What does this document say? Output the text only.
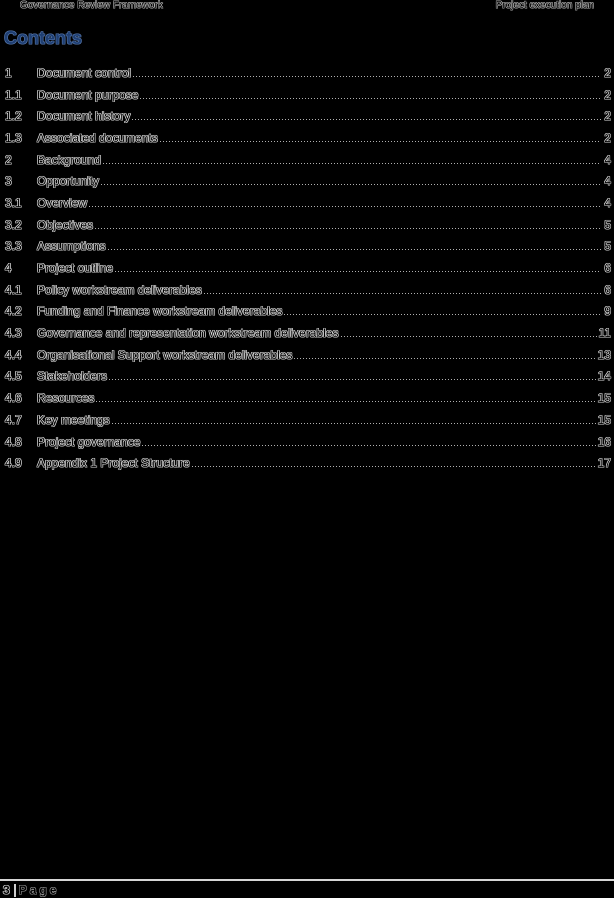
Governance Review Framework	Project execution plan
Contents
1	Document control	2
1.1	Document purpose	2
1.2	Document history	2
1.3	Associated documents	2
2	Background	4
3	Opportunity	4
3.1	Overview	4
3.2	Objectives	5
3.3	Assumptions	5
4	Project outline	6
4.1	Policy workstream deliverables	6
4.2	Funding and Finance workstream deliverables	9
4.3	Governance and representation workstream deliverables	11
4.4	Organisational Support workstream deliverables	13
4.5	Stakeholders	14
4.6	Resources	15
4.7	Key meetings	15
4.8	Project governance	16
4.9	Appendix 1 Project Structure	17
3 Page
